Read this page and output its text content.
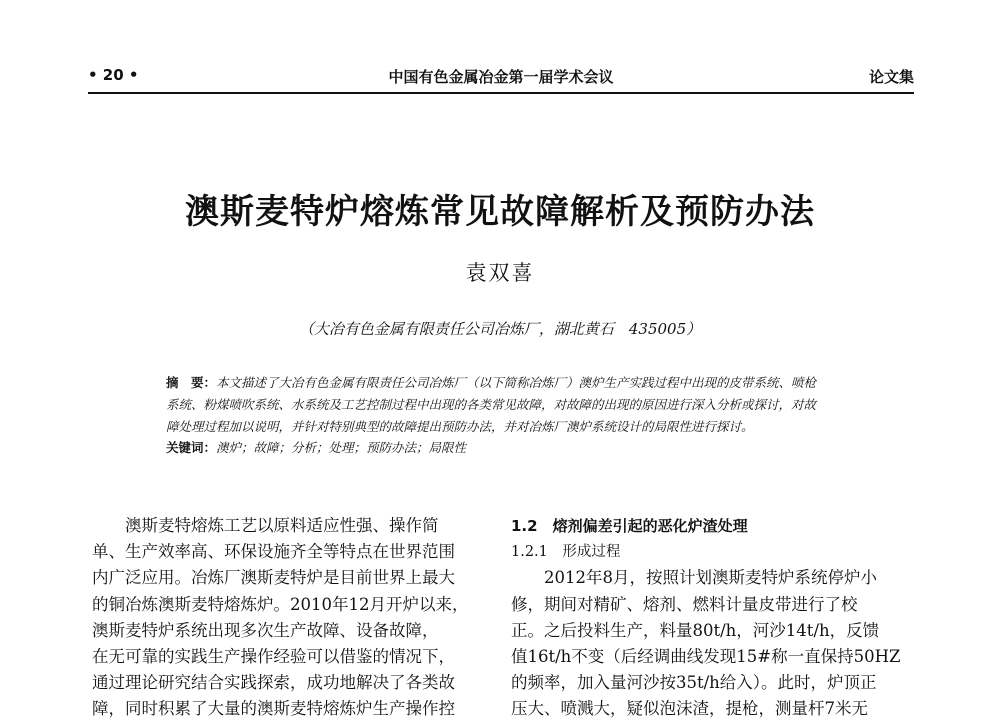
• 20 •	中国有色金属冶金第一届学术会议	论文集
澳斯麦特炉熔炼常见故障解析及预防办法
袁双喜
（大冶有色金属有限责任公司冶炼厂，湖北黄石　435005）
摘　要：本文描述了大冶有色金属有限责任公司冶炼厂（以下简称冶炼厂）澳炉生产实践过程中出现的皮带系统、喷枪
系统、粉煤喷吹系统、水系统及工艺控制过程中出现的各类常见故障，对故障的出现的原因进行深入分析或探讨，对故
障处理过程加以说明，并针对特别典型的故障提出预防办法，并对冶炼厂澳炉系统设计的局限性进行探讨。
关键词：澳炉；故障；分析；处理；预防办法；局限性
澳斯麦特熔炼工艺以原料适应性强、操作简
单、生产效率高、环保设施齐全等特点在世界范围
内广泛应用。冶炼厂澳斯麦特炉是目前世界上最大
的铜冶炼澳斯麦特熔炼炉。2010年12月开炉以来，
澳斯麦特炉系统出现多次生产故障、设备故障，
在无可靠的实践生产操作经验可以借鉴的情况下，
通过理论研究结合实践探索，成功地解决了各类故
障，同时积累了大量的澳斯麦特熔炼炉生产操作控
1.2　熔剂偏差引起的恶化炉渣处理
1.2.1　形成过程
2012年8月，按照计划澳斯麦特炉系统停炉小
修，期间对精矿、熔剂、燃料计量皮带进行了校
正。之后投料生产，料量80t/h，河沙14t/h，反馈
值16t/h不变（后经调曲线发现15#称一直保持50HZ
的频率，加入量河沙按35t/h给入）。此时，炉顶正
压大、喷溅大，疑似泡沫渣，提枪，测量杆7米无
